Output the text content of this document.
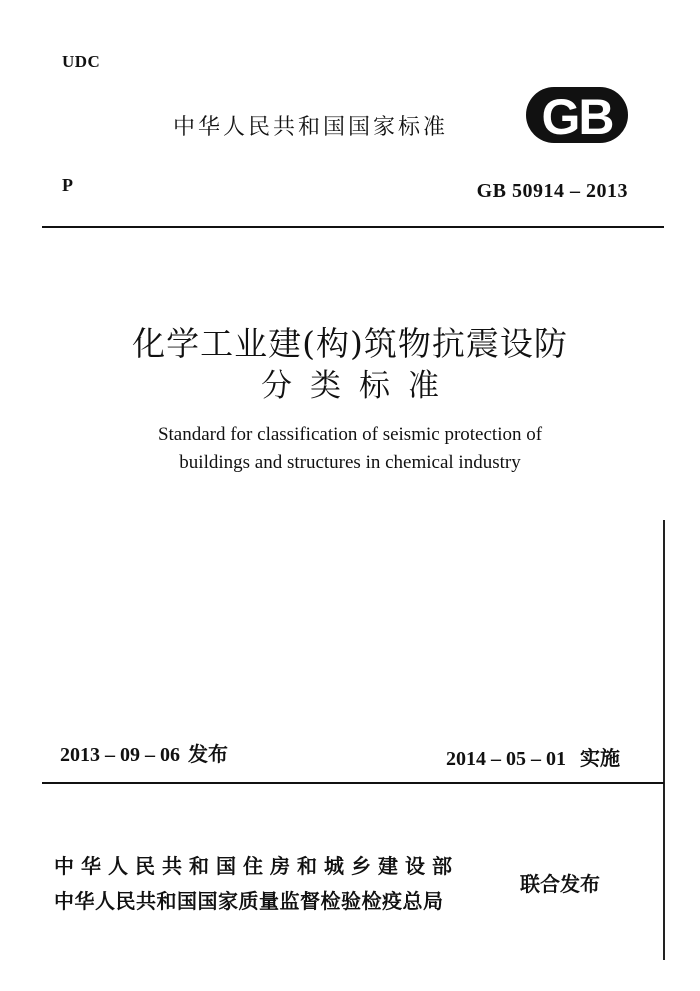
UDC
中华人民共和国国家标准 GB
P	GB 50914 – 2013
化学工业建(构)筑物抗震设防
分类标准
Standard for classification of seismic protection of
buildings and structures in chemical industry
2013 – 09 – 06 发布	2014 – 05 – 01 实施
中华人民共和国住房和城乡建设部
中华人民共和国国家质量监督检验检疫总局
联合发布
